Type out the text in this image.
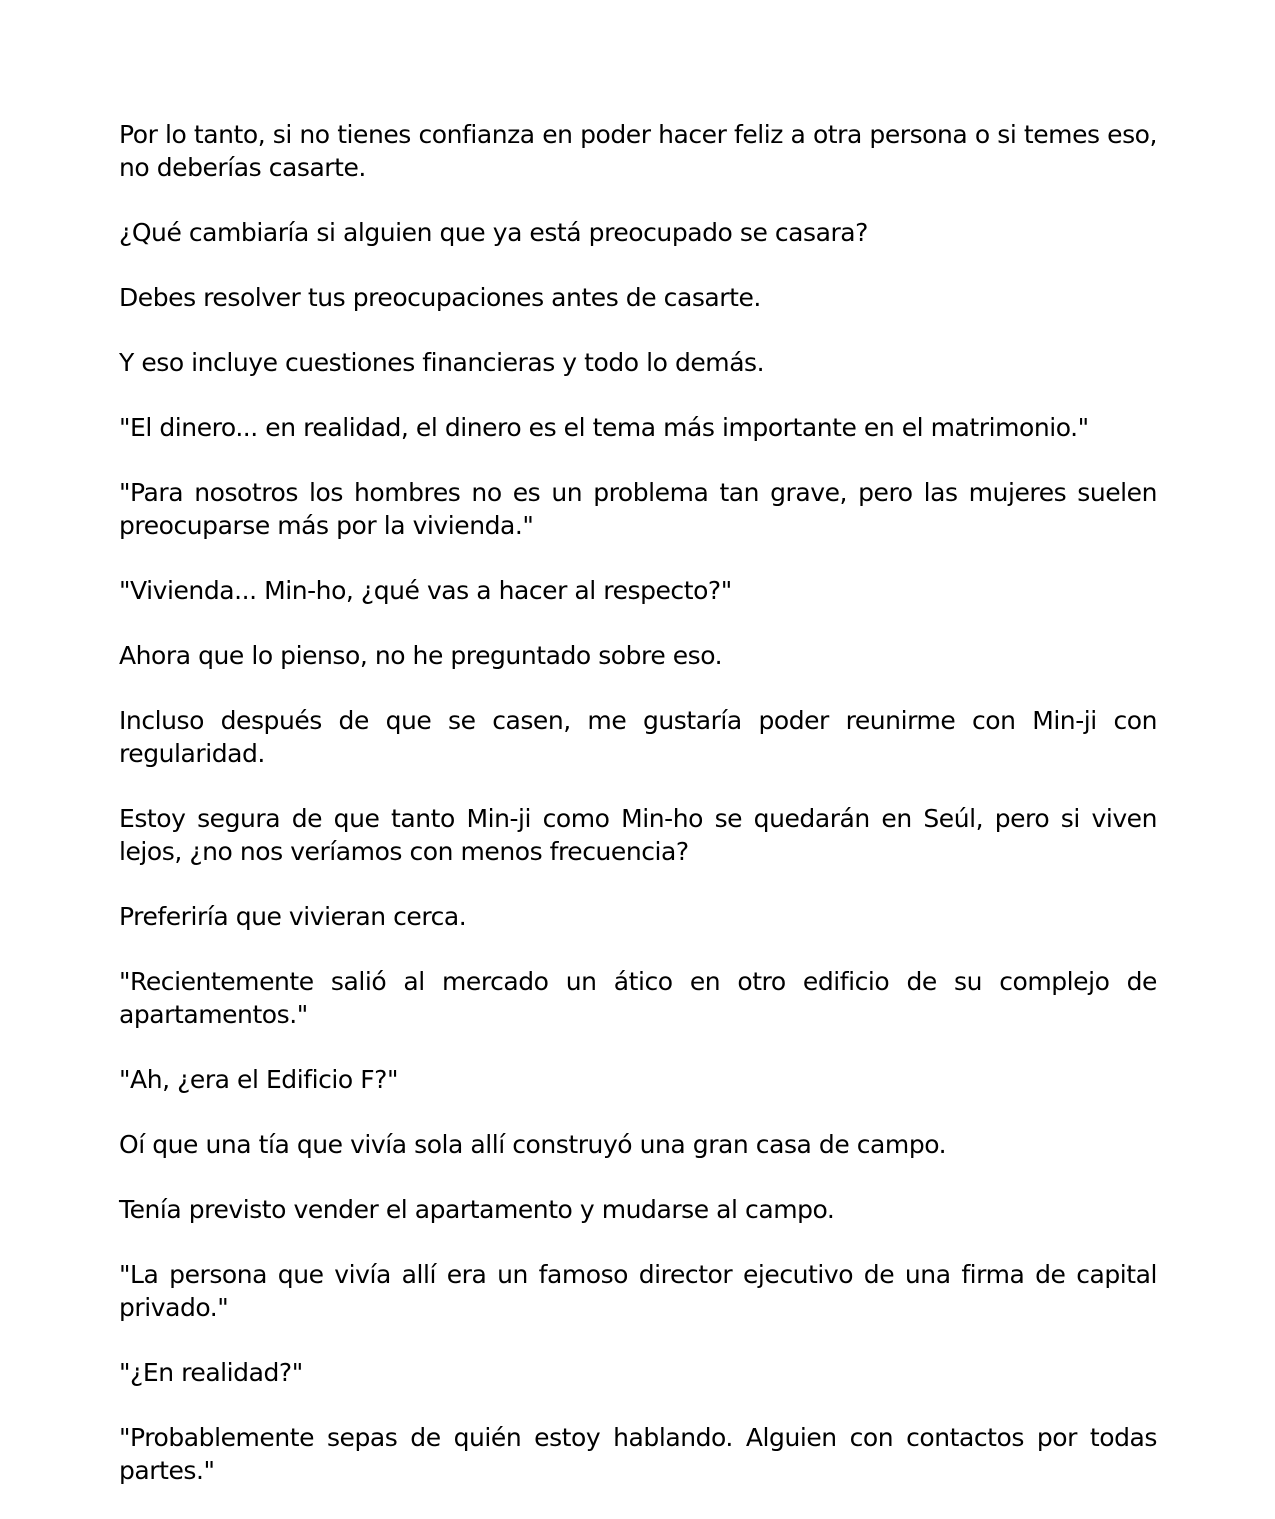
Por lo tanto, si no tienes confianza en poder hacer feliz a otra persona o si temes eso, no deberías casarte.

¿Qué cambiaría si alguien que ya está preocupado se casara?

Debes resolver tus preocupaciones antes de casarte.

Y eso incluye cuestiones financieras y todo lo demás.

"El dinero... en realidad, el dinero es el tema más importante en el matrimonio."

"Para nosotros los hombres no es un problema tan grave, pero las mujeres suelen preocuparse más por la vivienda."

"Vivienda... Min-ho, ¿qué vas a hacer al respecto?"

Ahora que lo pienso, no he preguntado sobre eso.

Incluso después de que se casen, me gustaría poder reunirme con Min-ji con regularidad.

Estoy segura de que tanto Min-ji como Min-ho se quedarán en Seúl, pero si viven lejos, ¿no nos veríamos con menos frecuencia?

Preferiría que vivieran cerca.

"Recientemente salió al mercado un ático en otro edificio de su complejo de apartamentos."

"Ah, ¿era el Edificio F?"

Oí que una tía que vivía sola allí construyó una gran casa de campo.

Tenía previsto vender el apartamento y mudarse al campo.

"La persona que vivía allí era un famoso director ejecutivo de una firma de capital privado."

"¿En realidad?"

"Probablemente sepas de quién estoy hablando. Alguien con contactos por todas partes."
